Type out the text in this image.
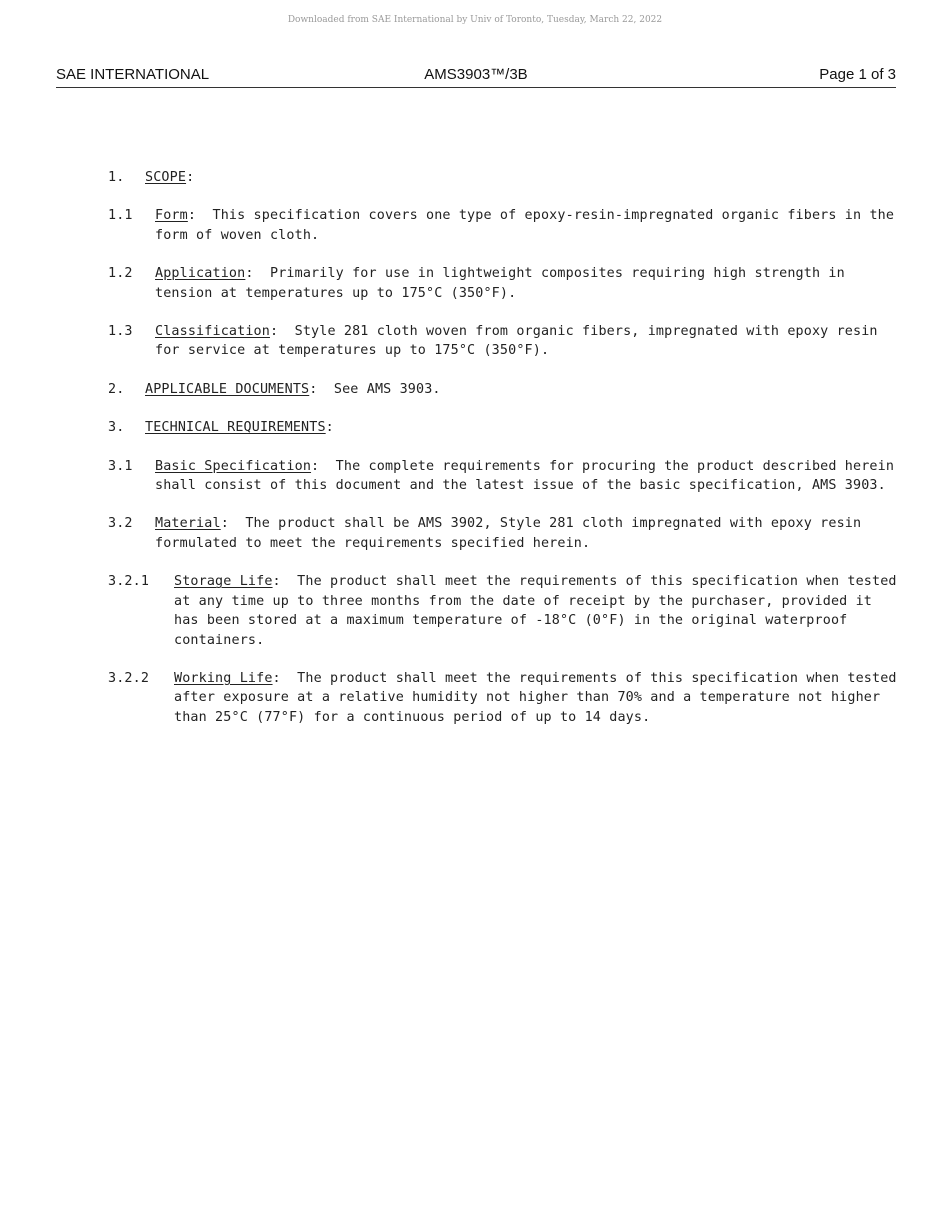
Downloaded from SAE International by Univ of Toronto, Tuesday, March 22, 2022
SAE INTERNATIONAL	AMS3903™/3B	Page 1 of 3
1.	SCOPE:
1.1	Form:  This specification covers one type of epoxy-resin-impregnated organic fibers in the form of woven cloth.
1.2	Application:  Primarily for use in lightweight composites requiring high strength in tension at temperatures up to 175°C (350°F).
1.3	Classification:  Style 281 cloth woven from organic fibers, impregnated with epoxy resin for service at temperatures up to 175°C (350°F).
2.	APPLICABLE DOCUMENTS:  See AMS 3903.
3.	TECHNICAL REQUIREMENTS:
3.1	Basic Specification:  The complete requirements for procuring the product described herein shall consist of this document and the latest issue of the basic specification, AMS 3903.
3.2	Material:  The product shall be AMS 3902, Style 281 cloth impregnated with epoxy resin formulated to meet the requirements specified herein.
3.2.1	Storage Life:  The product shall meet the requirements of this specification when tested at any time up to three months from the date of receipt by the purchaser, provided it has been stored at a maximum temperature of -18°C (0°F) in the original waterproof containers.
3.2.2	Working Life:  The product shall meet the requirements of this specification when tested after exposure at a relative humidity not higher than 70% and a temperature not higher than 25°C (77°F) for a continuous period of up to 14 days.
